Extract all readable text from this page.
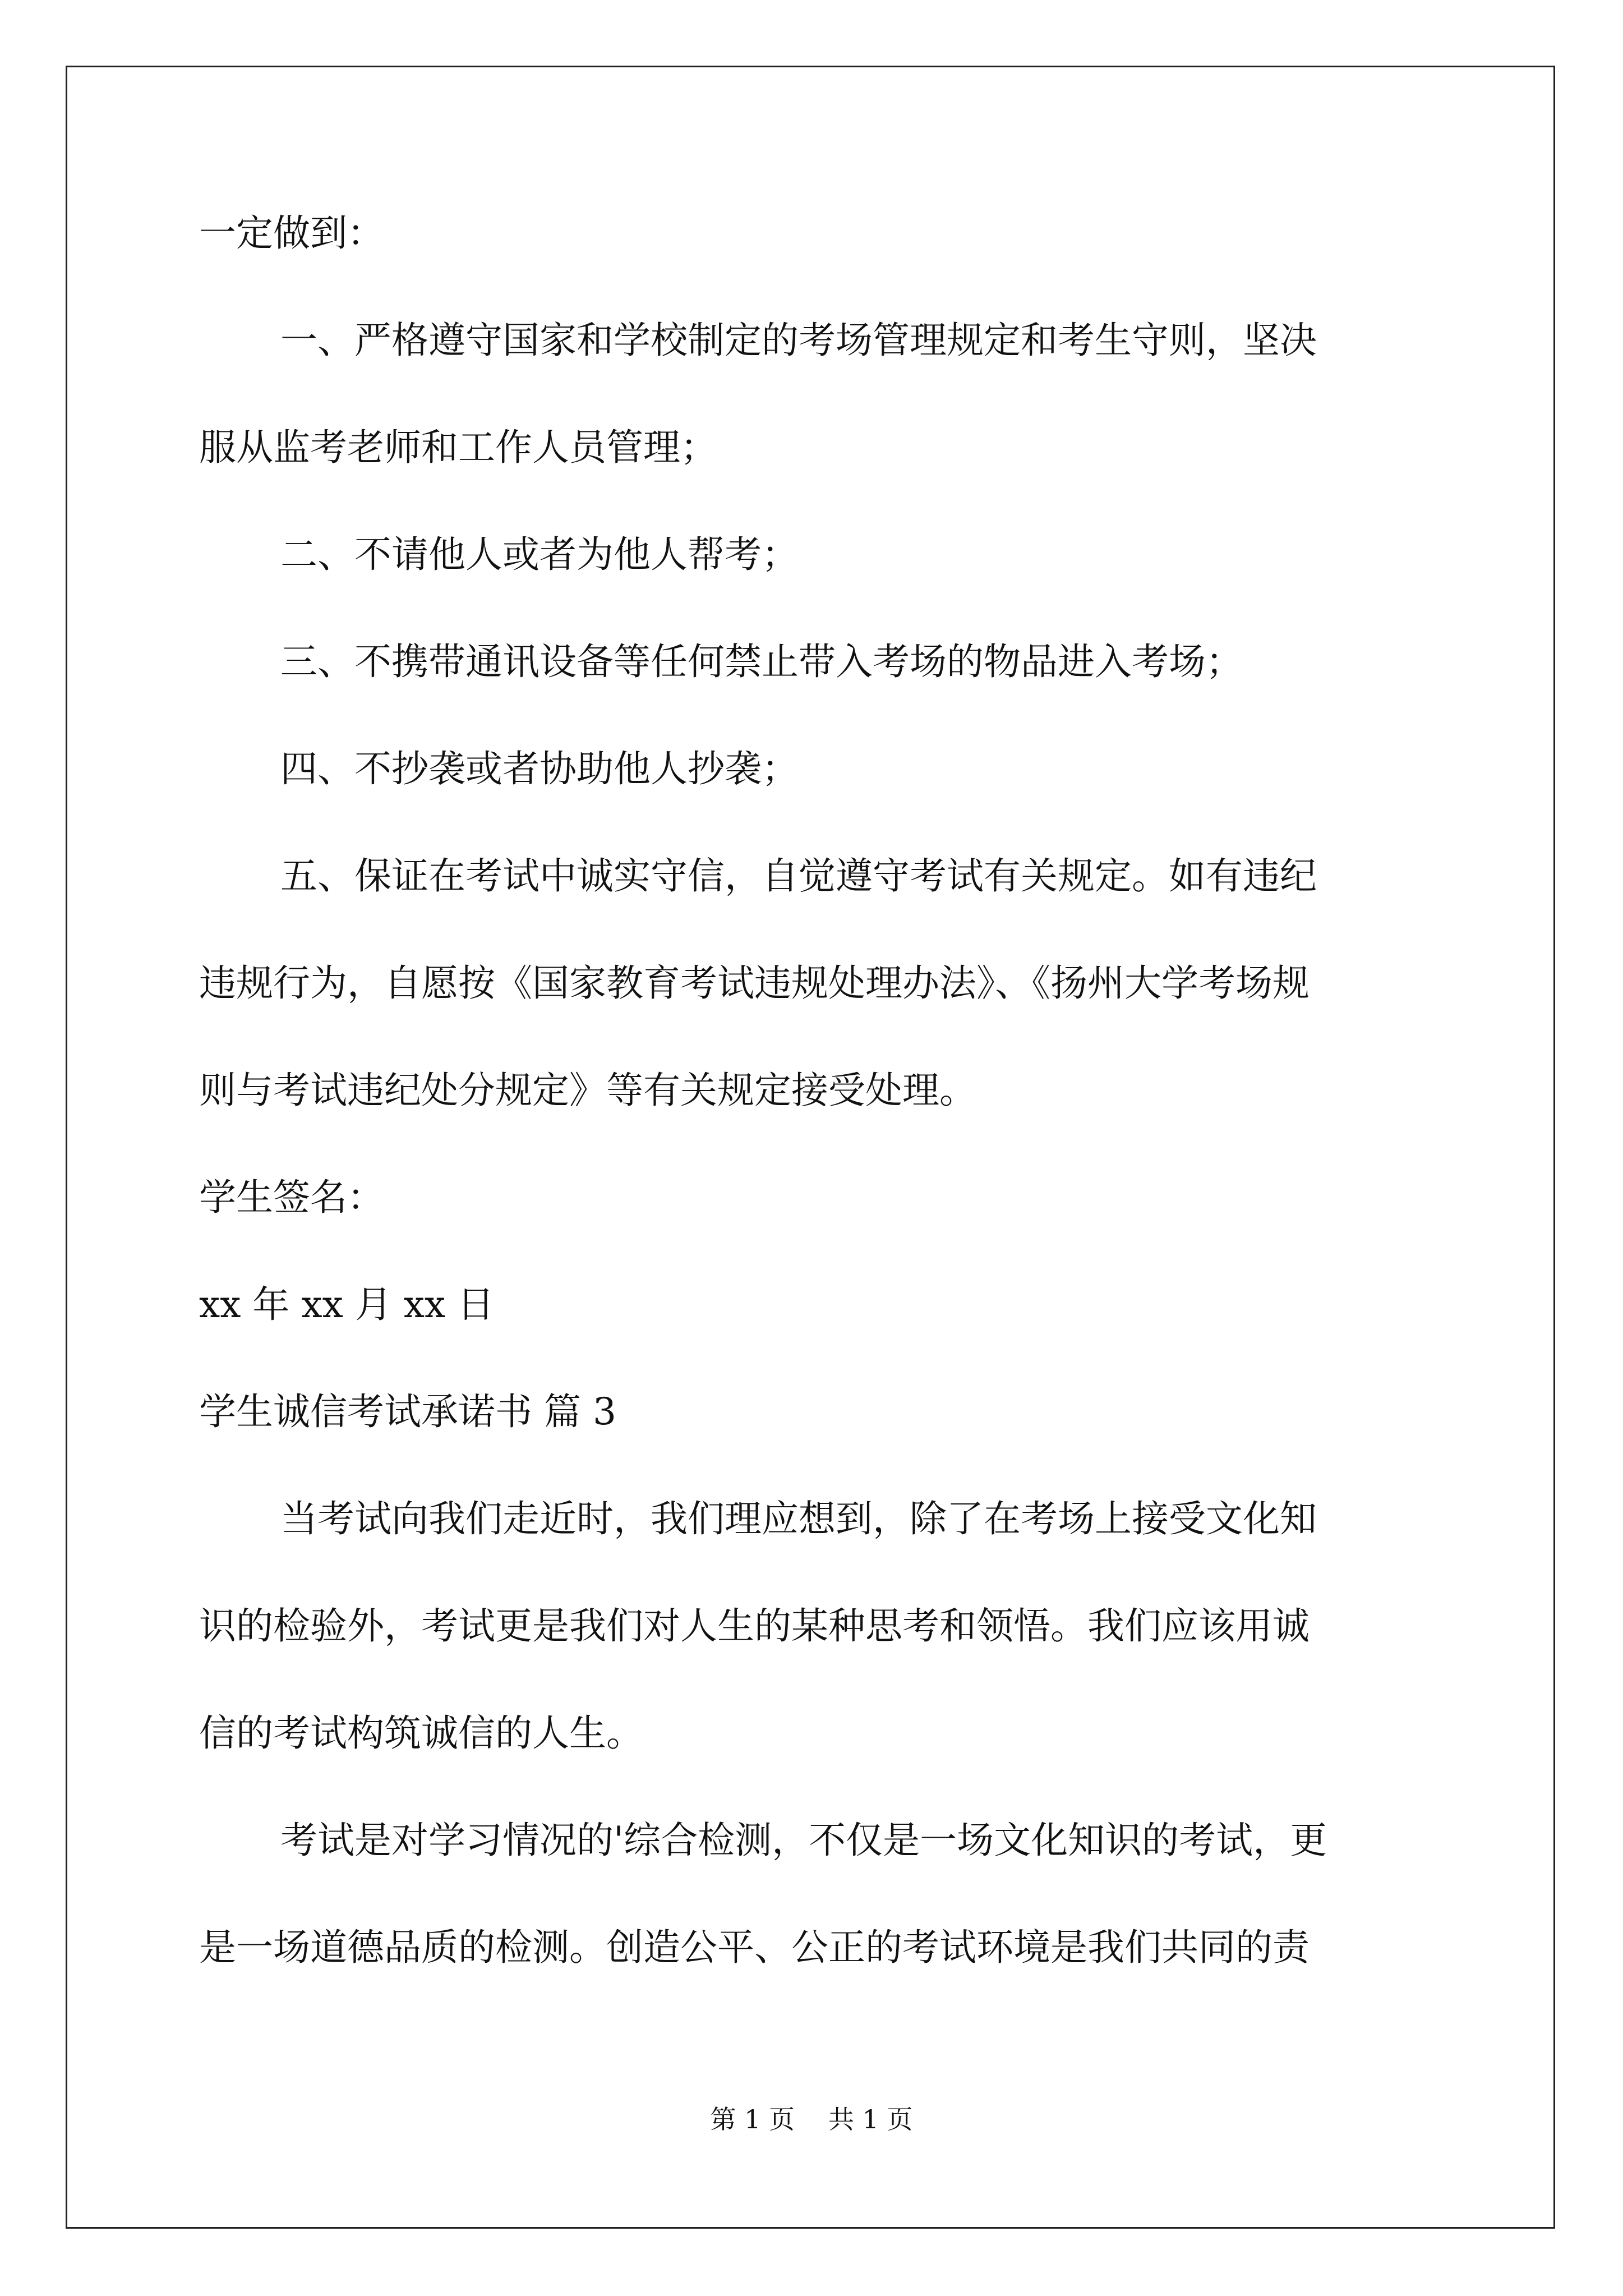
一定做到：
一、严格遵守国家和学校制定的考场管理规定和考生守则，坚决
服从监考老师和工作人员管理；
二、不请他人或者为他人帮考；
三、不携带通讯设备等任何禁止带入考场的物品进入考场；
四、不抄袭或者协助他人抄袭；
五、保证在考试中诚实守信，自觉遵守考试有关规定。如有违纪
违规行为，自愿按《国家教育考试违规处理办法》、《扬州大学考场规
则与考试违纪处分规定》等有关规定接受处理。
学生签名：
xx 年 xx 月 xx 日
学生诚信考试承诺书 篇 3
当考试向我们走近时，我们理应想到，除了在考场上接受文化知
识的检验外，考试更是我们对人生的某种思考和领悟。我们应该用诚
信的考试构筑诚信的人生。
考试是对学习情况的'综合检测，不仅是一场文化知识的考试，更
是一场道德品质的检测。创造公平、公正的考试环境是我们共同的责
第 1 页 共 1 页
